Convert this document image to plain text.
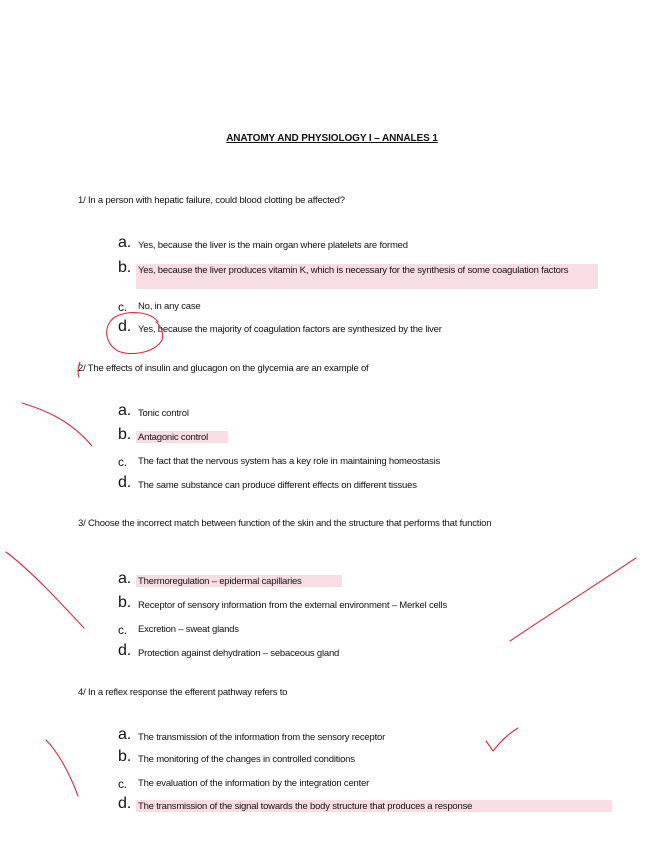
ANATOMY AND PHYSIOLOGY I – ANNALES 1
1/ In a person with hepatic failure, could blood clotting be affected?
a. Yes, because the liver is the main organ where platelets are formed
b. Yes, because the liver produces vitamin K, which is necessary for the synthesis of some coagulation factors
c. No, in any case
d. Yes, because the majority of coagulation factors are synthesized by the liver
2/ The effects of insulin and glucagon on the glycemia are an example of
a. Tonic control
b. Antagonic control
c. The fact that the nervous system has a key role in maintaining homeostasis
d. The same substance can produce different effects on different tissues
3/ Choose the incorrect match between function of the skin and the structure that performs that function
a. Thermoregulation – epidermal capillaries
b. Receptor of sensory information from the external environment – Merkel cells
c. Excretion – sweat glands
d. Protection against dehydration – sebaceous gland
4/ In a reflex response the efferent pathway refers to
a. The transmission of the information from the sensory receptor
b. The monitoring of the changes in controlled conditions
c. The evaluation of the information by the integration center
d. The transmission of the signal towards the body structure that produces a response
